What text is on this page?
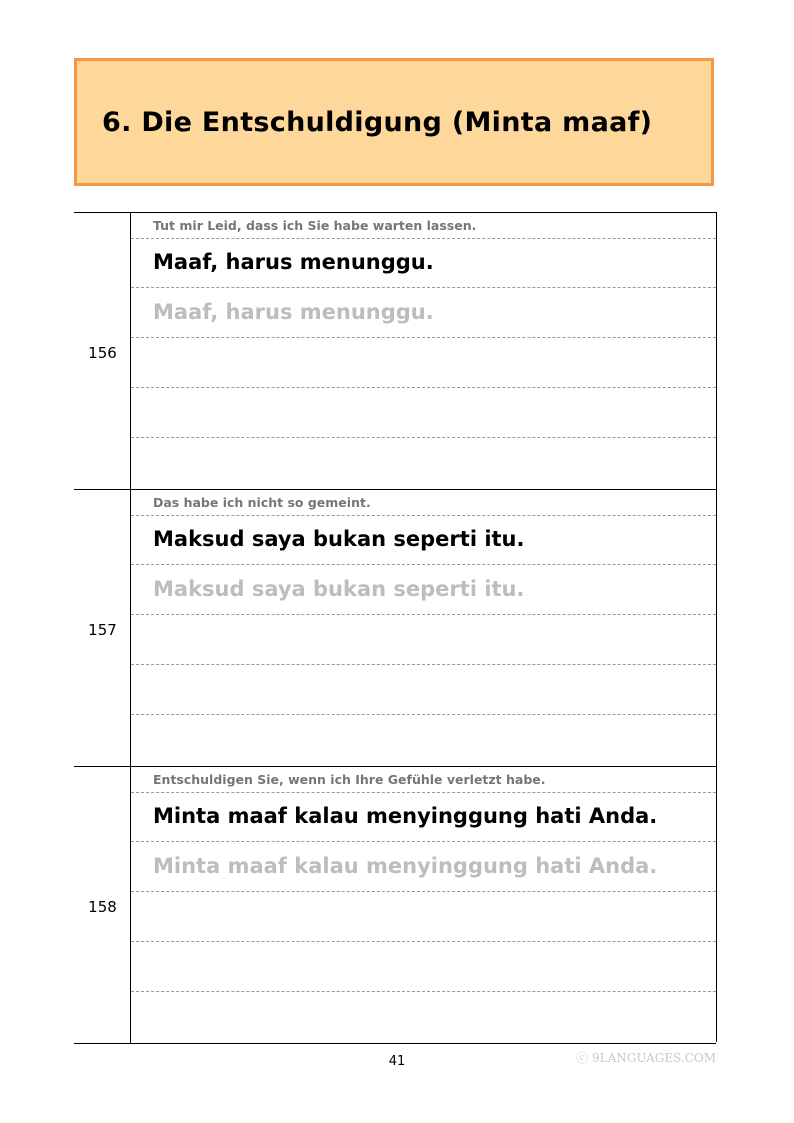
6. Die Entschuldigung (Minta maaf)
156
Tut mir Leid, dass ich Sie habe warten lassen.
Maaf, harus menunggu.
Maaf, harus menunggu.
157
Das habe ich nicht so gemeint.
Maksud saya bukan seperti itu.
Maksud saya bukan seperti itu.
158
Entschuldigen Sie, wenn ich Ihre Gefühle verletzt habe.
Minta maaf kalau menyinggung hati Anda.
Minta maaf kalau menyinggung hati Anda.
41	ⓒ 9LANGUAGES.COM
